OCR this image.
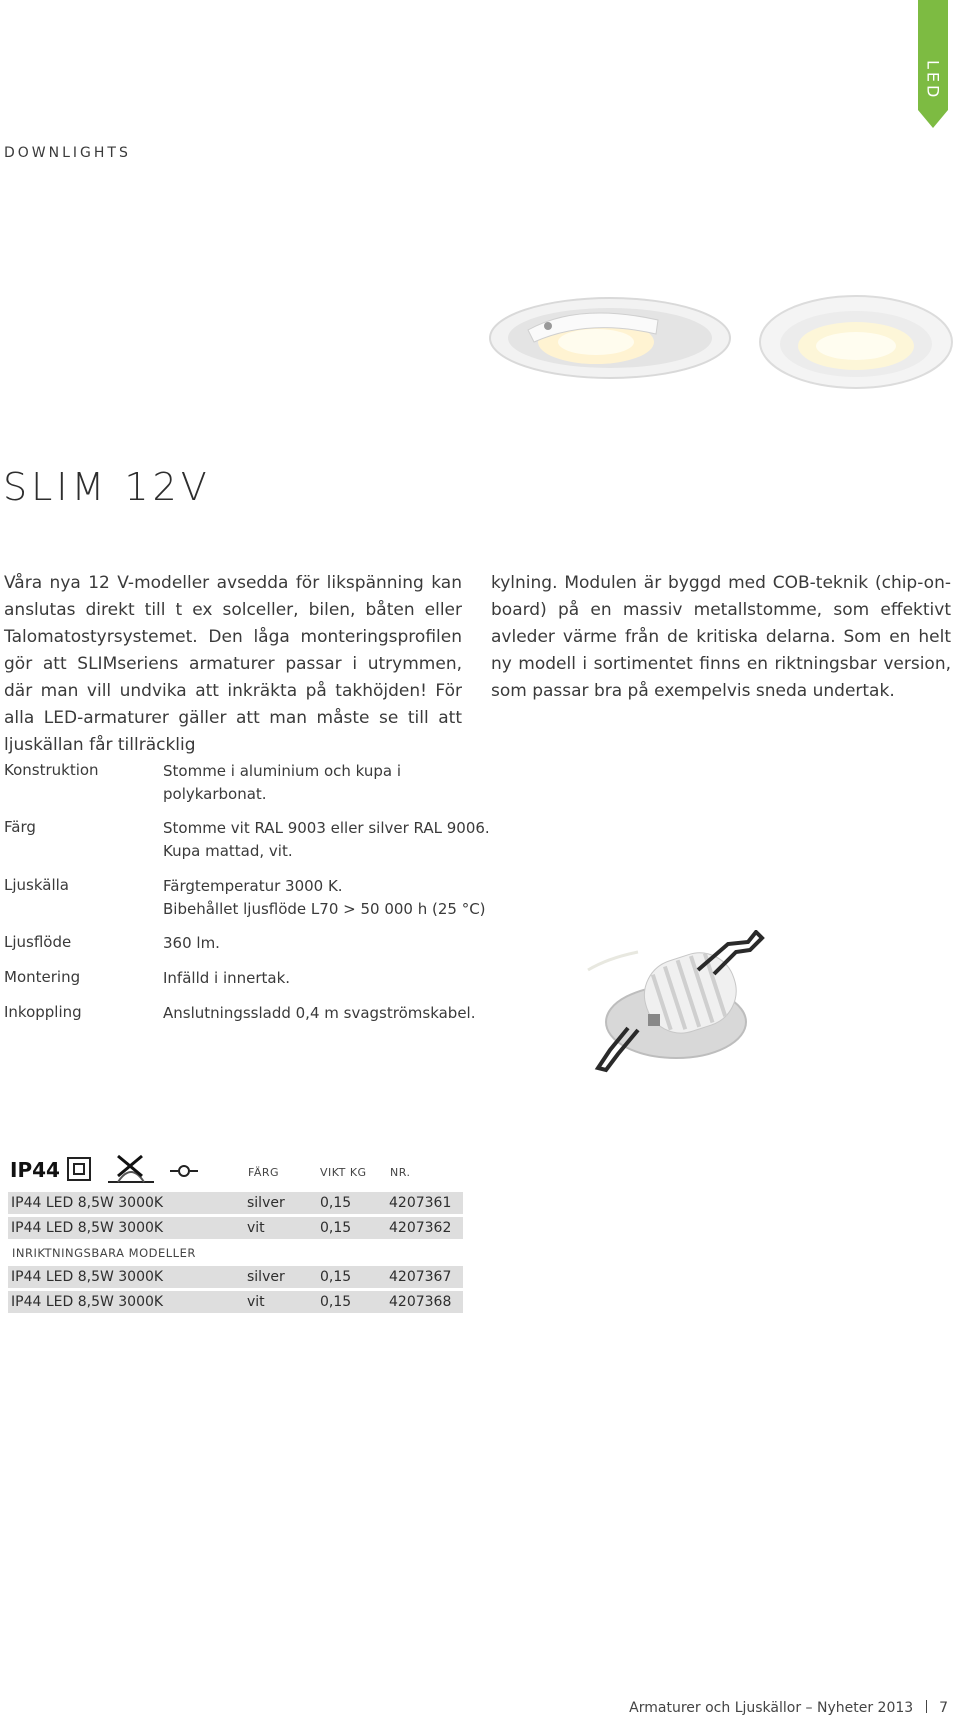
LED
DOWNLIGHTS
SLIM 12V
Våra nya 12 V-modeller avsedda för likspänning kan anslutas direkt till t ex solceller, bilen, båten eller Talomatostyrsystemet. Den låga monteringsprofilen gör att SLIMseriens armaturer passar i utrymmen, där man vill undvika att inkräkta på takhöjden! För alla LED-armaturer gäller att man måste se till att ljuskällan får tillräcklig
kylning. Modulen är byggd med COB-teknik (chip-on-board) på en massiv metallstomme, som effektivt avleder värme från de kritiska delarna. Som en helt ny modell i sortimentet finns en riktningsbar version, som passar bra på exempelvis sneda undertak.
Konstruktion	Stomme i aluminium och kupa i
polykarbonat.
Färg	Stomme vit RAL 9003 eller silver RAL 9006.
Kupa mattad, vit.
Ljuskälla	Färgtemperatur 3000 K.
Bibehållet ljusflöde L70 > 50 000 h (25 °C)
Ljusflöde	360 lm.
Montering	Infälld i innertak.
Inkoppling	Anslutningssladd 0,4 m svagströmskabel.
IP44	FÄRG	VIKT KG NR.
IP44 LED 8,5W 3000K	silver	0,15	4207361
IP44 LED 8,5W 3000K	vit	0,15	4207362
INRIKTNINGSBARA MODELLER
IP44 LED 8,5W 3000K	silver	0,15	4207367
IP44 LED 8,5W 3000K	vit	0,15	4207368
Armaturer och Ljuskällor – Nyheter 2013 7
